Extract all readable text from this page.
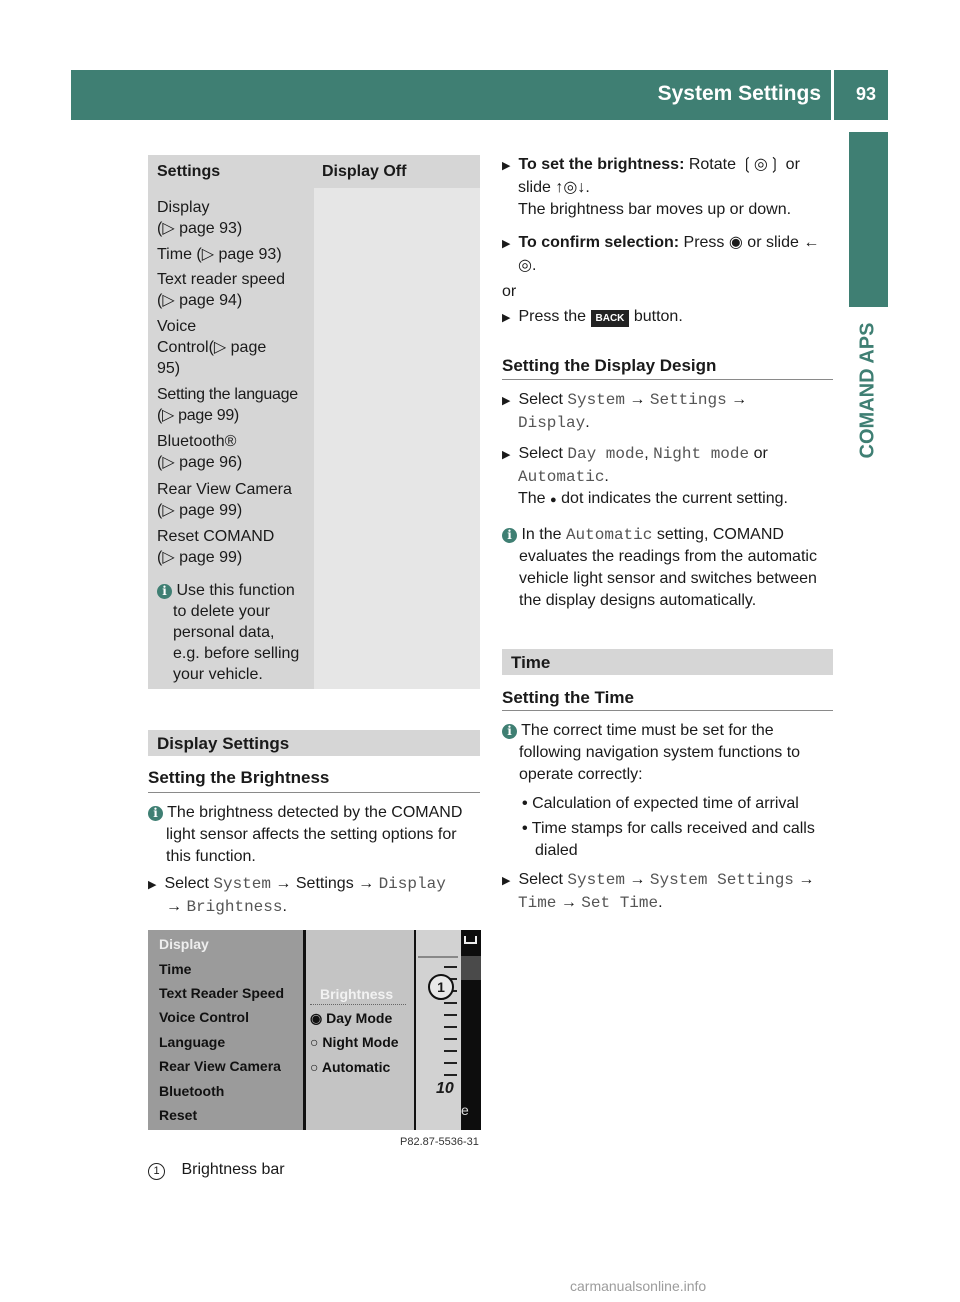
System Settings 93
COMAND APS
Settings	Display Off
Display
(▷ page 93)
Time (▷ page 93)
Text reader speed
(▷ page 94)
Voice
Control(▷ page
95)
Setting the language
(▷ page 99)
Bluetooth®
(▷ page 96)
Rear View Camera
(▷ page 99)
Reset COMAND
(▷ page 99)
i Use this function
to delete your
personal data,
e.g. before selling
your vehicle.
Display Settings
Setting the Brightness
i The brightness detected by the COMAND
light sensor affects the setting options for
this function.
▶ Select System → Settings → Display
→ Brightness.
Display
Time
Text Reader Speed
Voice Control
Language
Rear View Camera
Bluetooth
Reset
Brightness
◉ Day Mode
○ Night Mode
○ Automatic
1
10
e
P82.87-5536-31
1 Brightness bar
▶ To set the brightness: Rotate ❲◎❳ or
slide ↑◎↓.
The brightness bar moves up or down.
▶ To confirm selection: Press ◉ or slide ←
◎.
or
▶ Press the BACK button.
Setting the Display Design
▶ Select System → Settings →
Display.
▶ Select Day mode, Night mode or
Automatic.
The ● dot indicates the current setting.
i In the Automatic setting, COMAND
evaluates the readings from the automatic
vehicle light sensor and switches between
the display designs automatically.
Time
Setting the Time
i The correct time must be set for the
following navigation system functions to
operate correctly:
• Calculation of expected time of arrival
• Time stamps for calls received and calls
dialed
▶ Select System → System Settings →
Time → Set Time.
carmanualsonline.info
